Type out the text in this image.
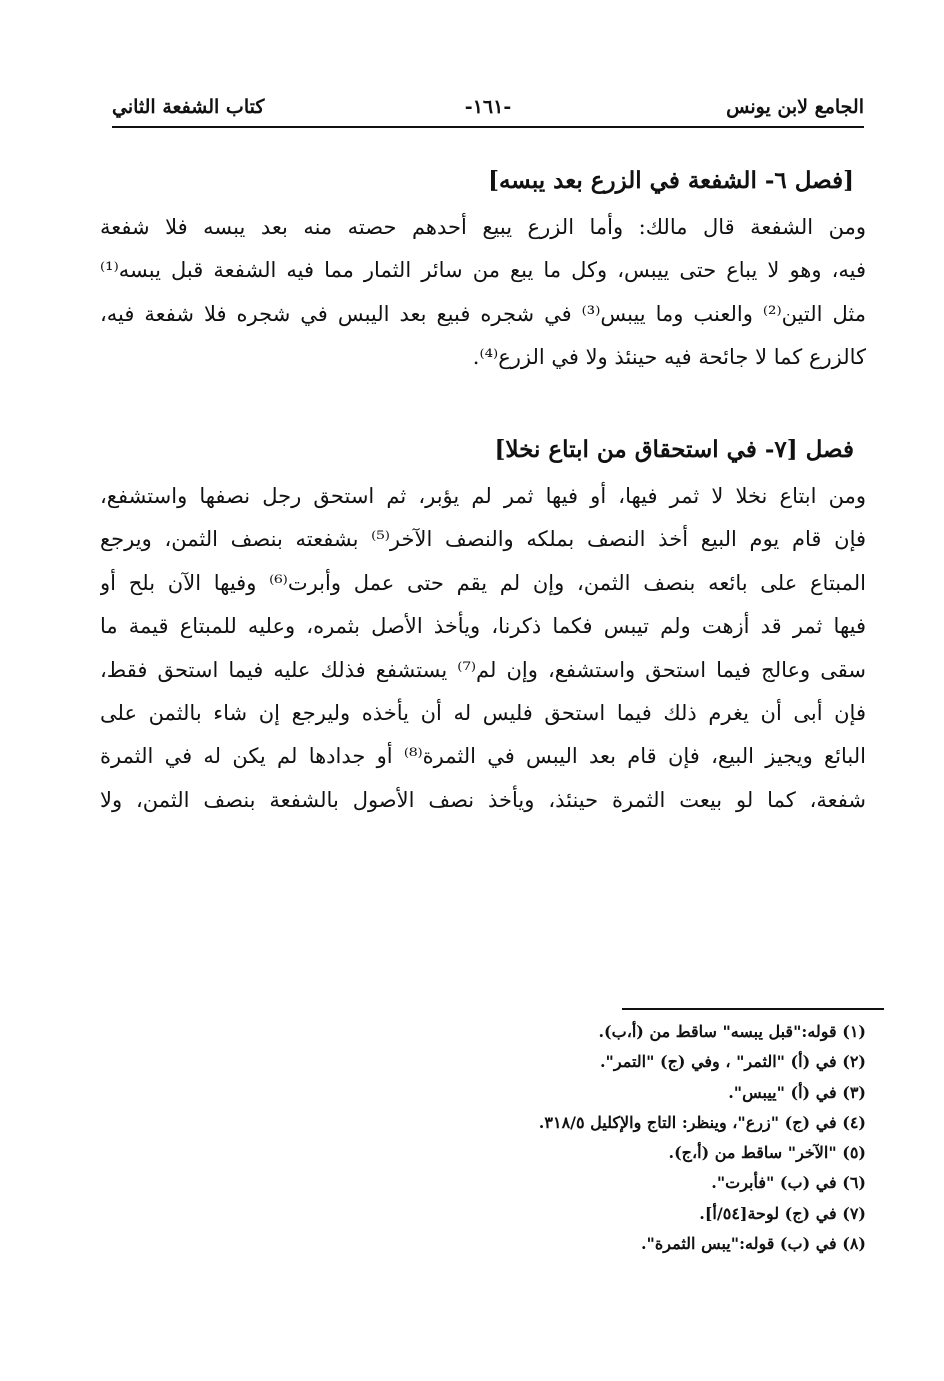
الجامع لابن يونس
-١٦١-
كتاب الشفعة الثاني
[فصل ٦- الشفعة في الزرع بعد يبسه]
ومن الشفعة قال مالك: وأما الزرع يبيع أحدهم حصته منه بعد يبسه فلا شفعة
فيه، وهو لا يباع حتى ييبس، وكل ما يبع من سائر الثمار مما فيه الشفعة قبل يبسه⁽¹⁾
مثل التين⁽²⁾ والعنب وما ييبس⁽³⁾ في شجره فبيع بعد اليبس في شجره فلا شفعة فيه،
كالزرع كما لا جائحة فيه حينئذ ولا في الزرع⁽⁴⁾.
فصل [٧- في استحقاق من ابتاع نخلا]
ومن ابتاع نخلا لا ثمر فيها، أو فيها ثمر لم يؤبر، ثم استحق رجل نصفها واستشفع،
فإن قام يوم البيع أخذ النصف بملكه والنصف الآخر⁽⁵⁾ بشفعته بنصف الثمن، ويرجع
المبتاع على بائعه بنصف الثمن، وإن لم يقم حتى عمل وأبرت⁽⁶⁾ وفيها الآن بلح أو
فيها ثمر قد أزهت ولم تيبس فكما ذكرنا، ويأخذ الأصل بثمره، وعليه للمبتاع قيمة ما
سقى وعالج فيما استحق واستشفع، وإن لم⁽⁷⁾ يستشفع فذلك عليه فيما استحق فقط،
فإن أبى أن يغرم ذلك فيما استحق فليس له أن يأخذه وليرجع إن شاء بالثمن على
البائع ويجيز البيع، فإن قام بعد اليبس في الثمرة⁽⁸⁾ أو جدادها لم يكن له في الثمرة
شفعة، كما لو بيعت الثمرة حينئذ، ويأخذ نصف الأصول بالشفعة بنصف الثمن، ولا
(١) قوله:"قبل يبسه" ساقط من (أ،ب).
(٢) في (أ) "الثمر" ، وفي (ج) "التمر".
(٣) في (أ) "ييبس".
(٤) في (ج) "زرع"، وينظر: التاج والإكليل ٣١٨/٥.
(٥) "الآخر" ساقط من (أ،ج).
(٦) في (ب) "فأبرت".
(٧) في (ج) لوحة[٥٤/أ].
(٨) في (ب) قوله:"يبس الثمرة".
